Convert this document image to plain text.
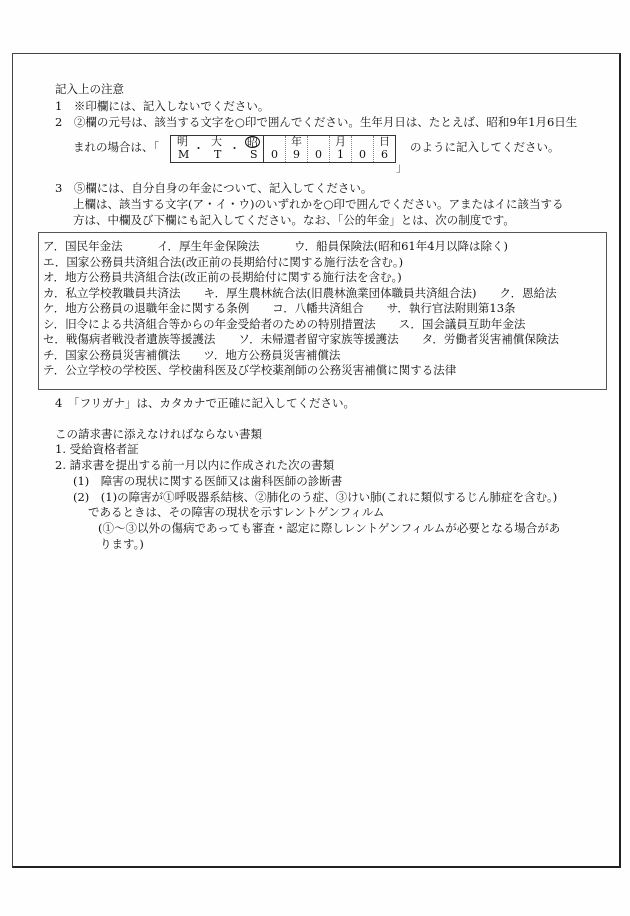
記入上の注意
1　※印欄には、記入しないでください。
2　②欄の元号は、該当する文字を○印で囲んでください。生年月日は、たとえば、昭和9年1月6日生
まれの場合は、「 明
・
大
・ 昭
M T	S 0
年
9 0
月
1 0
日
6
」
のように記入してください。
3　⑤欄には、自分自身の年金について、記入してください。
上欄は、該当する文字(ア・イ・ウ)のいずれかを○印で囲んでください。アまたはイに該当する
方は、中欄及び下欄にも記入してください。なお、「公的年金」とは、次の制度です。
ア．国民年金法　　　イ．厚生年金保険法　　　ウ．船員保険法(昭和61年4月以降は除く)
エ．国家公務員共済組合法(改正前の長期給付に関する施行法を含む。)
オ．地方公務員共済組合法(改正前の長期給付に関する施行法を含む。)
カ．私立学校教職員共済法　　キ．厚生農林統合法(旧農林漁業団体職員共済組合法)　　ク．恩給法
ケ．地方公務員の退職年金に関する条例　　コ．八幡共済組合　　サ．執行官法附則第13条
シ．旧令による共済組合等からの年金受給者のための特別措置法　　ス．国会議員互助年金法
セ．戦傷病者戦没者遺族等援護法　　ソ．未帰還者留守家族等援護法　　タ．労働者災害補償保険法
チ．国家公務員災害補償法　　ツ．地方公務員災害補償法
テ．公立学校の学校医、学校歯科医及び学校薬剤師の公務災害補償に関する法律
4　「フリガナ」は、カタカナで正確に記入してください。
この請求書に添えなければならない書類
1. 受給資格者証
2. 請求書を提出する前一月以内に作成された次の書類
(1)　障害の現状に関する医師又は歯科医師の診断書
(2)　(1)の障害が①呼吸器系結核、②肺化のう症、③けい肺(これに類似するじん肺症を含む。)
であるときは、その障害の現状を示すレントゲンフィルム
(①～③以外の傷病であっても審査・認定に際しレントゲンフィルムが必要となる場合があ
ります。)
